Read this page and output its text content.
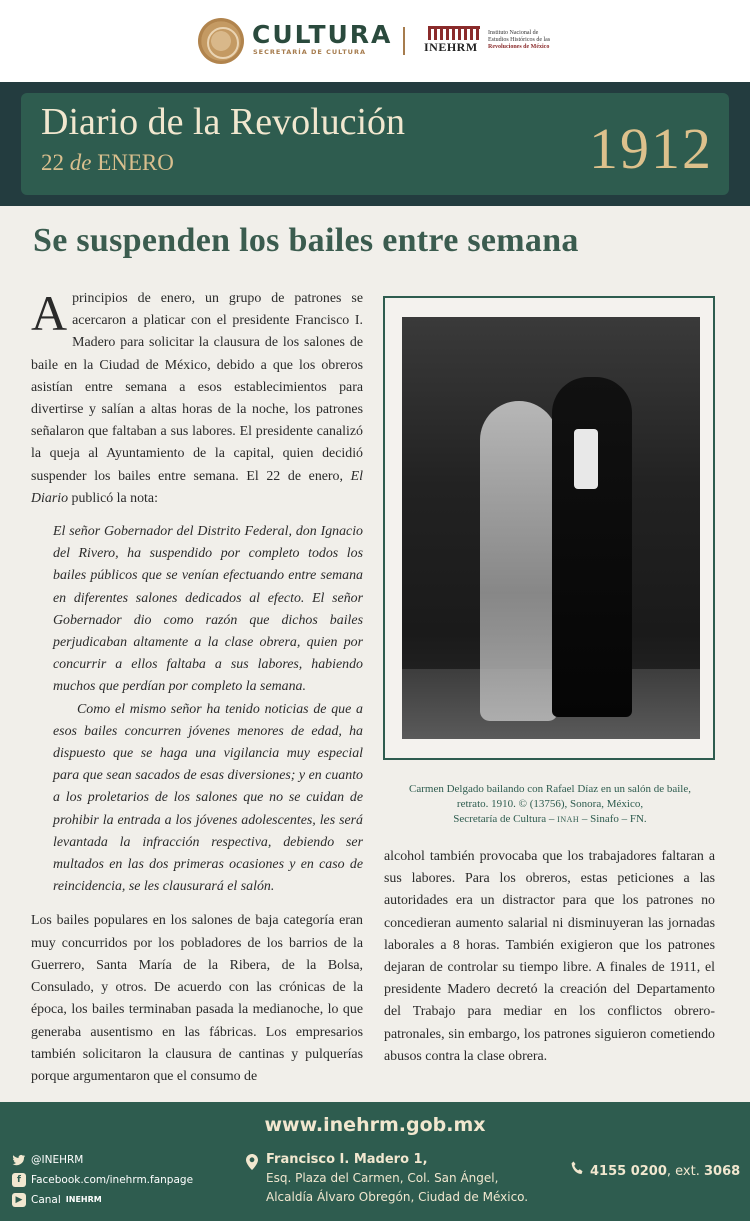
CULTURA
SECRETARÍA DE CULTURA	INEHRM
Instituto Nacional de
Estudios Históricos de las
Revoluciones de México
Diario de la Revolución
22 de ENERO	1912
Se suspenden los bailes entre semana

A principios de enero, un grupo de patrones se acercaron a platicar con el presidente Francisco I. Madero para solicitar la clausura de los salones de baile en la Ciudad de México, debido a que los obreros asistían entre semana a esos establecimientos para divertirse y salían a altas horas de la noche, los patrones señalaron que faltaban a sus labores. El presidente canalizó la queja al Ayuntamiento de la capital, quien decidió suspender los bailes entre semana. El 22 de enero, El Diario publicó la nota:

El señor Gobernador del Distrito Federal, don Ignacio del Rivero, ha suspendido por completo todos los bailes públicos que se venían efectuando entre semana en diferentes salones dedicados al efecto. El señor Gobernador dio como razón que dichos bailes perjudicaban altamente a la clase obrera, quien por concurrir a ellos faltaba a sus labores, habiendo muchos que perdían por completo la semana.

Como el mismo señor ha tenido noticias de que a esos bailes concurren jóvenes menores de edad, ha dispuesto que se haga una vigilancia muy especial para que sean sacados de esas diversiones; y en cuanto a los proletarios de los salones que no se cuidan de prohibir la entrada a los jóvenes adolescentes, les será levantada la infracción respectiva, debiendo ser multados en las dos primeras ocasiones y en caso de reincidencia, se les clausurará el salón.

Los bailes populares en los salones de baja categoría eran muy concurridos por los pobladores de los barrios de la Guerrero, Santa María de la Ribera, de la Bolsa, Consulado, y otros. De acuerdo con las crónicas de la época, los bailes terminaban pasada la medianoche, lo que generaba ausentismo en las fábricas. Los empresarios también solicitaron la clausura de cantinas y pulquerías porque argumentaron que el consumo de

Carmen Delgado bailando con Rafael Díaz en un salón de baile,
retrato. 1910. © (13756), Sonora, México,
Secretaría de Cultura – INAH – Sinafo – FN.
alcohol también provocaba que los trabajadores faltaran a sus labores. Para los obreros, estas peticiones a las autoridades era un distractor para que los patrones no concedieran aumento salarial ni disminuyeran las jornadas laborales a 8 horas. También exigieron que los patrones dejaran de controlar su tiempo libre. A finales de 1911, el presidente Madero decretó la creación del Departamento del Trabajo para mediar en los conflictos obrero-patronales, sin embargo, los patrones siguieron cometiendo abusos contra la clase obrera.
www.inehrm.gob.mx
@INEHRM
f Facebook.com/inehrm.fanpage
▶ Canal INEHRM
Francisco I. Madero 1,
Esq. Plaza del Carmen, Col. San Ángel,
Alcaldía Álvaro Obregón, Ciudad de México.
4155 0200, ext. 3068
